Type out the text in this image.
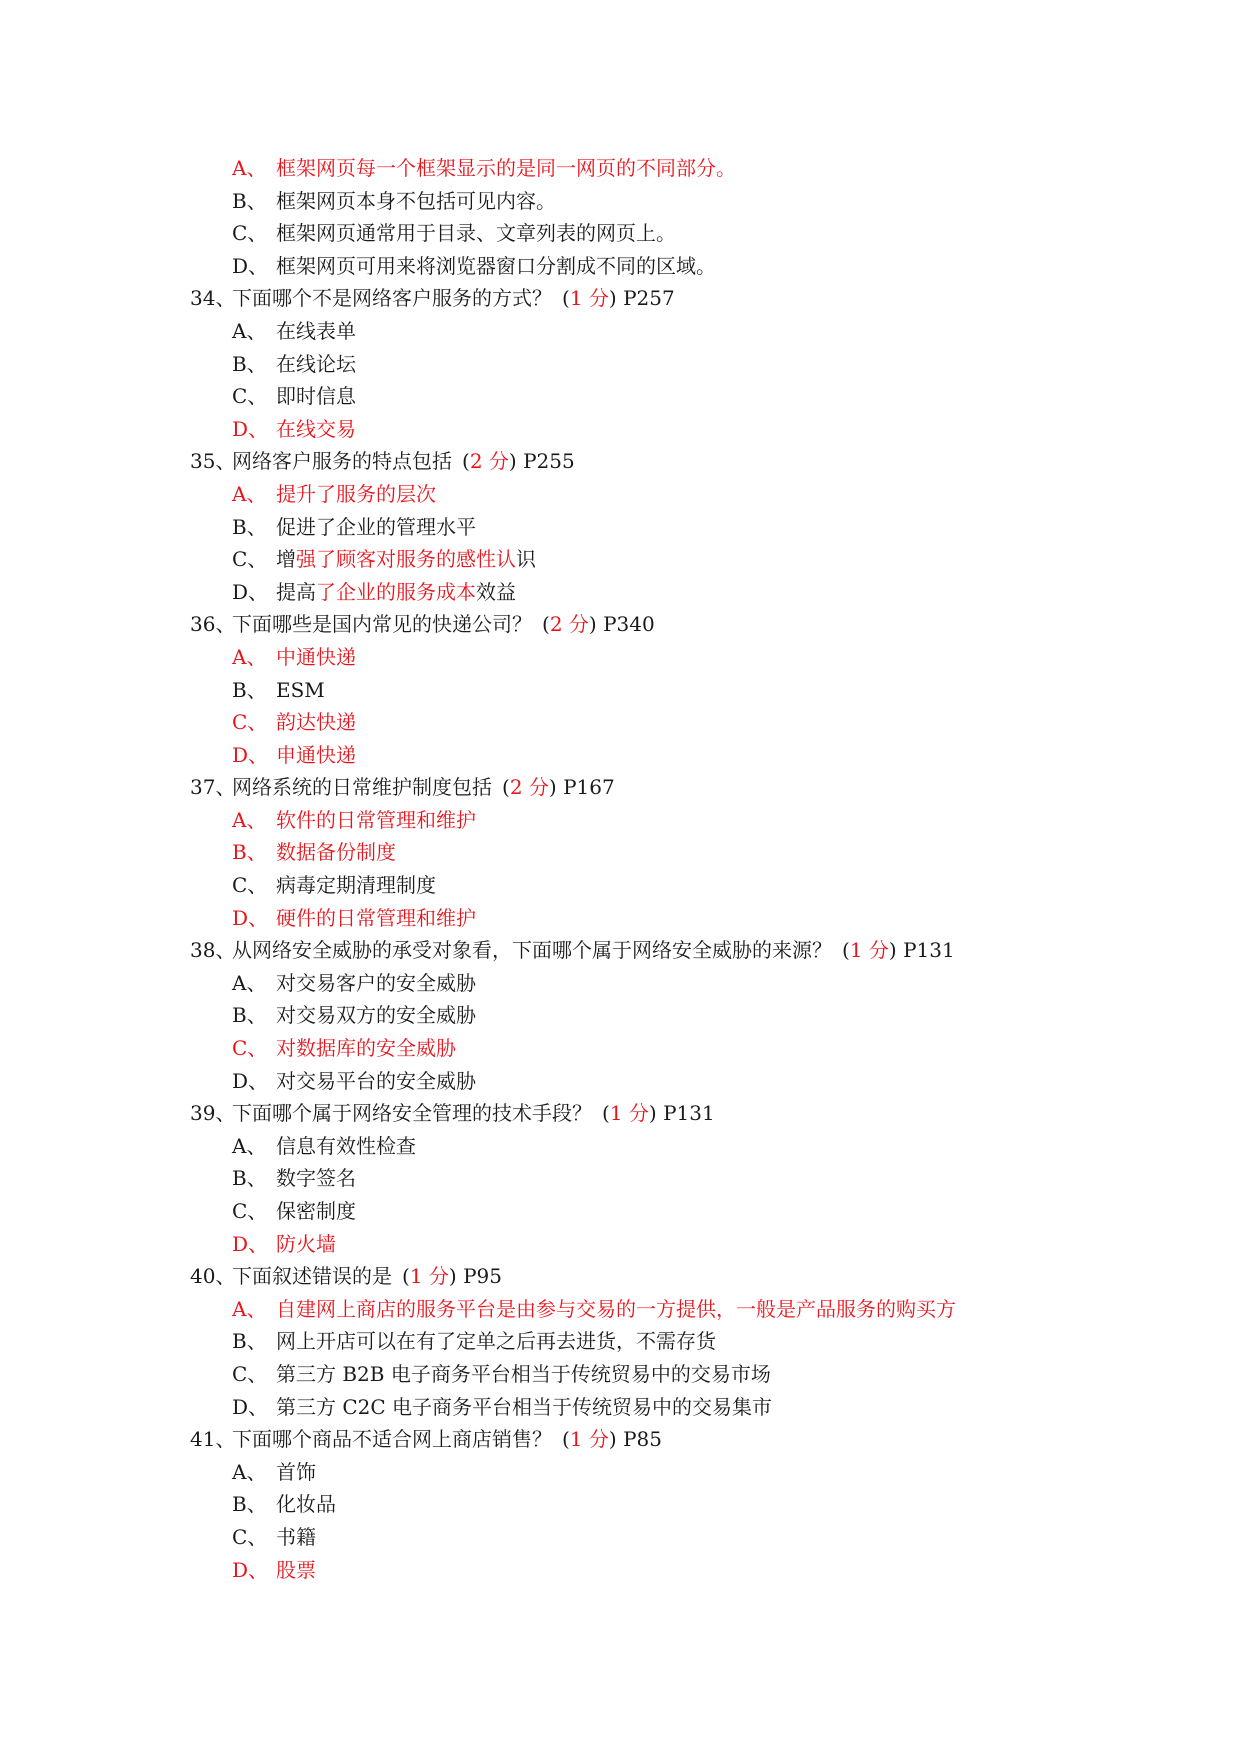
A、 框架网页每一个框架显示的是同一网页的不同部分。
B、 框架网页本身不包括可见内容。
C、 框架网页通常用于目录、文章列表的网页上。
D、 框架网页可用来将浏览器窗口分割成不同的区域。
34、下面哪个不是网络客户服务的方式？ (1 分) P257
A、 在线表单
B、 在线论坛
C、 即时信息
D、 在线交易
35、网络客户服务的特点包括 (2 分) P255
A、 提升了服务的层次
B、 促进了企业的管理水平
C、 增强了顾客对服务的感性认识
D、 提高了企业的服务成本效益
36、下面哪些是国内常见的快递公司？ (2 分) P340
A、 中通快递
B、 ESM
C、 韵达快递
D、 申通快递
37、网络系统的日常维护制度包括 (2 分) P167
A、 软件的日常管理和维护
B、 数据备份制度
C、 病毒定期清理制度
D、 硬件的日常管理和维护
38、从网络安全威胁的承受对象看，下面哪个属于网络安全威胁的来源？ (1 分) P131
A、 对交易客户的安全威胁
B、 对交易双方的安全威胁
C、 对数据库的安全威胁
D、 对交易平台的安全威胁
39、下面哪个属于网络安全管理的技术手段？ (1 分) P131
A、 信息有效性检查
B、 数字签名
C、 保密制度
D、 防火墙
40、下面叙述错误的是 (1 分) P95
A、 自建网上商店的服务平台是由参与交易的一方提供，一般是产品服务的购买方
B、 网上开店可以在有了定单之后再去进货，不需存货
C、 第三方 B2B 电子商务平台相当于传统贸易中的交易市场
D、 第三方 C2C 电子商务平台相当于传统贸易中的交易集市
41、下面哪个商品不适合网上商店销售？ (1 分) P85
A、 首饰
B、 化妆品
C、 书籍
D、 股票
